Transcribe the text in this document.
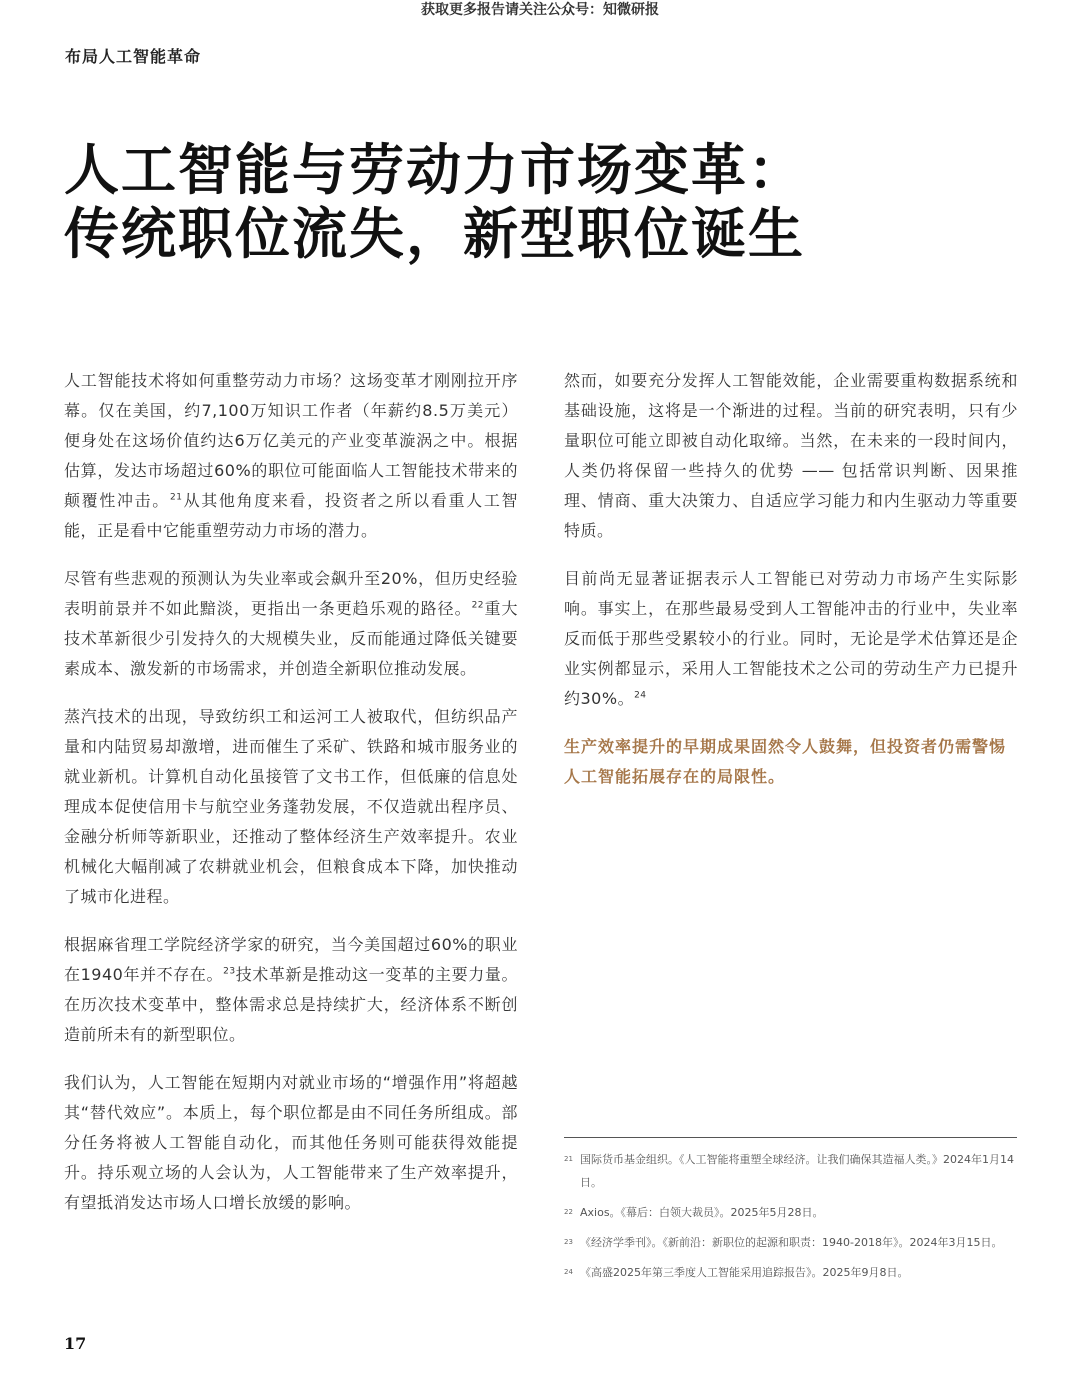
获取更多报告请关注公众号：知微研报
布局人工智能革命
人工智能与劳动力市场变革：
传统职位流失，新型职位诞生

人工智能技术将如何重整劳动力市场？这场变革才刚刚拉开序幕。仅在美国，约7,100万知识工作者（年薪约8.5万美元）便身处在这场价值约达6万亿美元的产业变革漩涡之中。根据估算，发达市场超过60%的职位可能面临人工智能技术带来的颠覆性冲击。$^{21}$从其他角度来看，投资者之所以看重人工智能，正是看中它能重塑劳动力市场的潜力。

尽管有些悲观的预测认为失业率或会飙升至20%，但历史经验表明前景并不如此黯淡，更指出一条更趋乐观的路径。$^{22}$重大技术革新很少引发持久的大规模失业，反而能通过降低关键要素成本、激发新的市场需求，并创造全新职位推动发展。

蒸汽技术的出现，导致纺织工和运河工人被取代，但纺织品产量和内陆贸易却激增，进而催生了采矿、铁路和城市服务业的就业新机。计算机自动化虽接管了文书工作，但低廉的信息处理成本促使信用卡与航空业务蓬勃发展，不仅造就出程序员、金融分析师等新职业，还推动了整体经济生产效率提升。农业机械化大幅削减了农耕就业机会，但粮食成本下降，加快推动了城市化进程。

根据麻省理工学院经济学家的研究，当今美国超过60%的职业在1940年并不存在。$^{23}$技术革新是推动这一变革的主要力量。在历次技术变革中，整体需求总是持续扩大，经济体系不断创造前所未有的新型职位。

我们认为，人工智能在短期内对就业市场的“增强作用”将超越其“替代效应”。本质上，每个职位都是由不同任务所组成。部分任务将被人工智能自动化，而其他任务则可能获得效能提升。持乐观立场的人会认为，人工智能带来了生产效率提升，有望抵消发达市场人口增长放缓的影响。

然而，如要充分发挥人工智能效能，企业需要重构数据系统和基础设施，这将是一个渐进的过程。当前的研究表明，只有少量职位可能立即被自动化取缔。当然，在未来的一段时间内，人类仍将保留一些持久的优势 —— 包括常识判断、因果推理、情商、重大决策力、自适应学习能力和内生驱动力等重要特质。

目前尚无显著证据表示人工智能已对劳动力市场产生实际影响。事实上，在那些最易受到人工智能冲击的行业中，失业率反而低于那些受累较小的行业。同时，无论是学术估算还是企业实例都显示，采用人工智能技术之公司的劳动生产力已提升约30%。$^{24}$

生产效率提升的早期成果固然令人鼓舞，但投资者仍需警惕人工智能拓展存在的局限性。
21 国际货币基金组织。《人工智能将重塑全球经济。让我们确保其造福人类。》2024年1月14日。
22 Axios。《幕后：白领大裁员》。2025年5月28日。
23 《经济学季刊》。《新前沿：新职位的起源和职责：1940-2018年》。2024年3月15日。
24 《高盛2025年第三季度人工智能采用追踪报告》。2025年9月8日。
17
